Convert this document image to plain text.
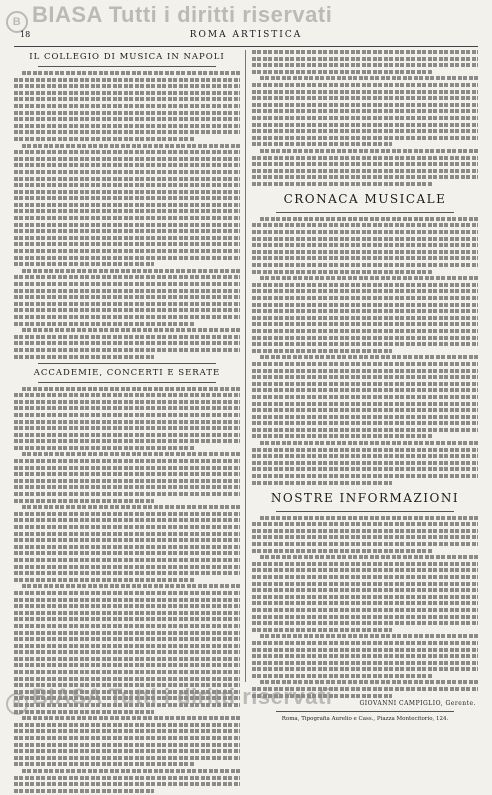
B BIASA Tutti i diritti riservati
18	ROMA ARTISTICA
IL COLLEGIO DI MUSICA IN NAPOLI
ACCADEMIE, CONCERTI E SERATE
CRONACA MUSICALE
NOSTRE INFORMAZIONI
GIOVANNI CAMPIGLIO, Gerente.
Roma, Tipografia Aurelio e Cass., Piazza Montecitorio, 124.
B BIASA Tutti i diritti riservati
